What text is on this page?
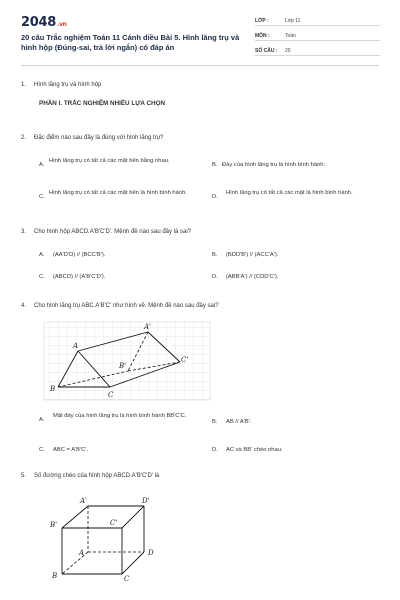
2048.vn
20 câu Trắc nghiệm Toán 11 Cánh diều Bài 5. Hình lăng trụ và hình hộp (Đúng-sai, trả lời ngắn) có đáp án
LỚP :	Lớp 11
MÔN :	Toán
SỐ CÂU :	20
1. Hình lăng trụ và hình hộp
PHẦN I. TRẮC NGHIỆM NHIỀU LỰA CHỌN
2. Đặc điểm nào sau đây là đúng với hình lăng trụ?
A.
Hình lăng trụ có tất cả các mặt bên bằng nhau.
B. Đáy của hình lăng trụ là hình bình hành.
C.
Hình lăng trụ có tất cả các mặt bên là hình bình hành.
D.
Hình lăng trụ có tất cả các mặt là hình bình hành.
3. Cho hình hộp ABCD.A'B'C'D'. Mệnh đề nào sau đây là sai?
A. (AA'D'D) // (BCC'B').	B. (BDD'B') // (ACC'A').
C. (ABCD) // (A'B'C'D').	D. (ABB'A') // (CDD'C').
4. Cho hình lăng trụ ABC.A'B'C' như hình vẽ. Mệnh đề nào sau đây sai?
A'
A
B'
C'
B
C
A.
Mặt đáy của hình lăng trụ là hình bình hành BB'C'C.
B. AB // A'B'.
C. ABC = A'B'C'.	D. AC và BB' chéo nhau.
5. Số đường chéo của hình hộp ABCD.A'B'C'D' là
A'	D'
B'	C'
A	D
B	C
